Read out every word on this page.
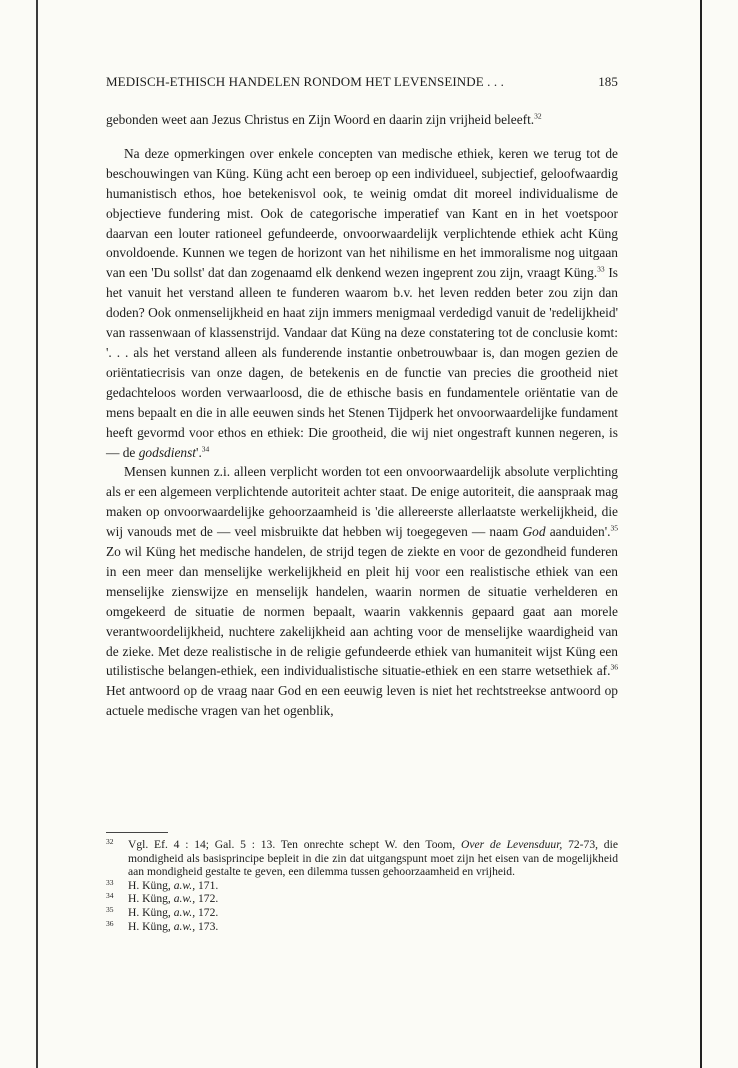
MEDISCH-ETHISCH HANDELEN RONDOM HET LEVENSEINDE . . .	185

gebonden weet aan Jezus Christus en Zijn Woord en daarin zijn vrijheid beleeft.$^{32}$

Na deze opmerkingen over enkele concepten van medische ethiek, keren we terug tot de beschouwingen van Küng. Küng acht een beroep op een individueel, subjectief, geloofwaardig humanistisch ethos, hoe betekenisvol ook, te weinig omdat dit moreel individualisme de objectieve fundering mist. Ook de categorische imperatief van Kant en in het voetspoor daarvan een louter rationeel gefundeerde, onvoorwaardelijk verplichtende ethiek acht Küng onvoldoende. Kunnen we tegen de horizont van het nihilisme en het immoralisme nog uitgaan van een 'Du sollst' dat dan zogenaamd elk denkend wezen ingeprent zou zijn, vraagt Küng.$^{33}$ Is het vanuit het verstand alleen te funderen waarom b.v. het leven redden beter zou zijn dan doden? Ook onmenselijkheid en haat zijn immers menigmaal verdedigd vanuit de 'redelijkheid' van rassenwaan of klassenstrijd. Vandaar dat Küng na deze constatering tot de conclusie komt: '. . . als het verstand alleen als funderende instantie onbetrouwbaar is, dan mogen gezien de oriëntatiecrisis van onze dagen, de betekenis en de functie van precies die grootheid niet gedachteloos worden verwaarloosd, die de ethische basis en fundamentele oriëntatie van de mens bepaalt en die in alle eeuwen sinds het Stenen Tijdperk het onvoorwaardelijke fundament heeft gevormd voor ethos en ethiek: Die grootheid, die wij niet ongestraft kunnen negeren, is — de godsdienst'.$^{34}$

Mensen kunnen z.i. alleen verplicht worden tot een onvoorwaardelijk absolute verplichting als er een algemeen verplichtende autoriteit achter staat. De enige autoriteit, die aanspraak mag maken op onvoorwaardelijke gehoorzaamheid is 'die allereerste allerlaatste werkelijkheid, die wij vanouds met de — veel misbruikte dat hebben wij toegegeven — naam God aanduiden'.$^{35}$ Zo wil Küng het medische handelen, de strijd tegen de ziekte en voor de gezondheid funderen in een meer dan menselijke werkelijkheid en pleit hij voor een realistische ethiek van een menselijke zienswijze en menselijk handelen, waarin normen de situatie verhelderen en omgekeerd de situatie de normen bepaalt, waarin vakkennis gepaard gaat aan morele verantwoordelijkheid, nuchtere zakelijkheid aan achting voor de menselijke waardigheid van de zieke. Met deze realistische in de religie gefundeerde ethiek van humaniteit wijst Küng een utilistische belangen-ethiek, een individualistische situatie-ethiek en een starre wetsethiek af.$^{36}$ Het antwoord op de vraag naar God en een eeuwig leven is niet het rechtstreekse antwoord op actuele medische vragen van het ogenblik,

32 Vgl. Ef. 4 : 14; Gal. 5 : 13. Ten onrechte schept W. den Toom, Over de Levensduur, 72-73, die mondigheid als basisprincipe bepleit in die zin dat uitgangspunt moet zijn het eisen van de mogelijkheid aan mondigheid gestalte te geven, een dilemma tussen gehoorzaamheid en vrijheid.
33 H. Küng, a.w., 171.
34 H. Küng, a.w., 172.
35 H. Küng, a.w., 172.
36 H. Küng, a.w., 173.
